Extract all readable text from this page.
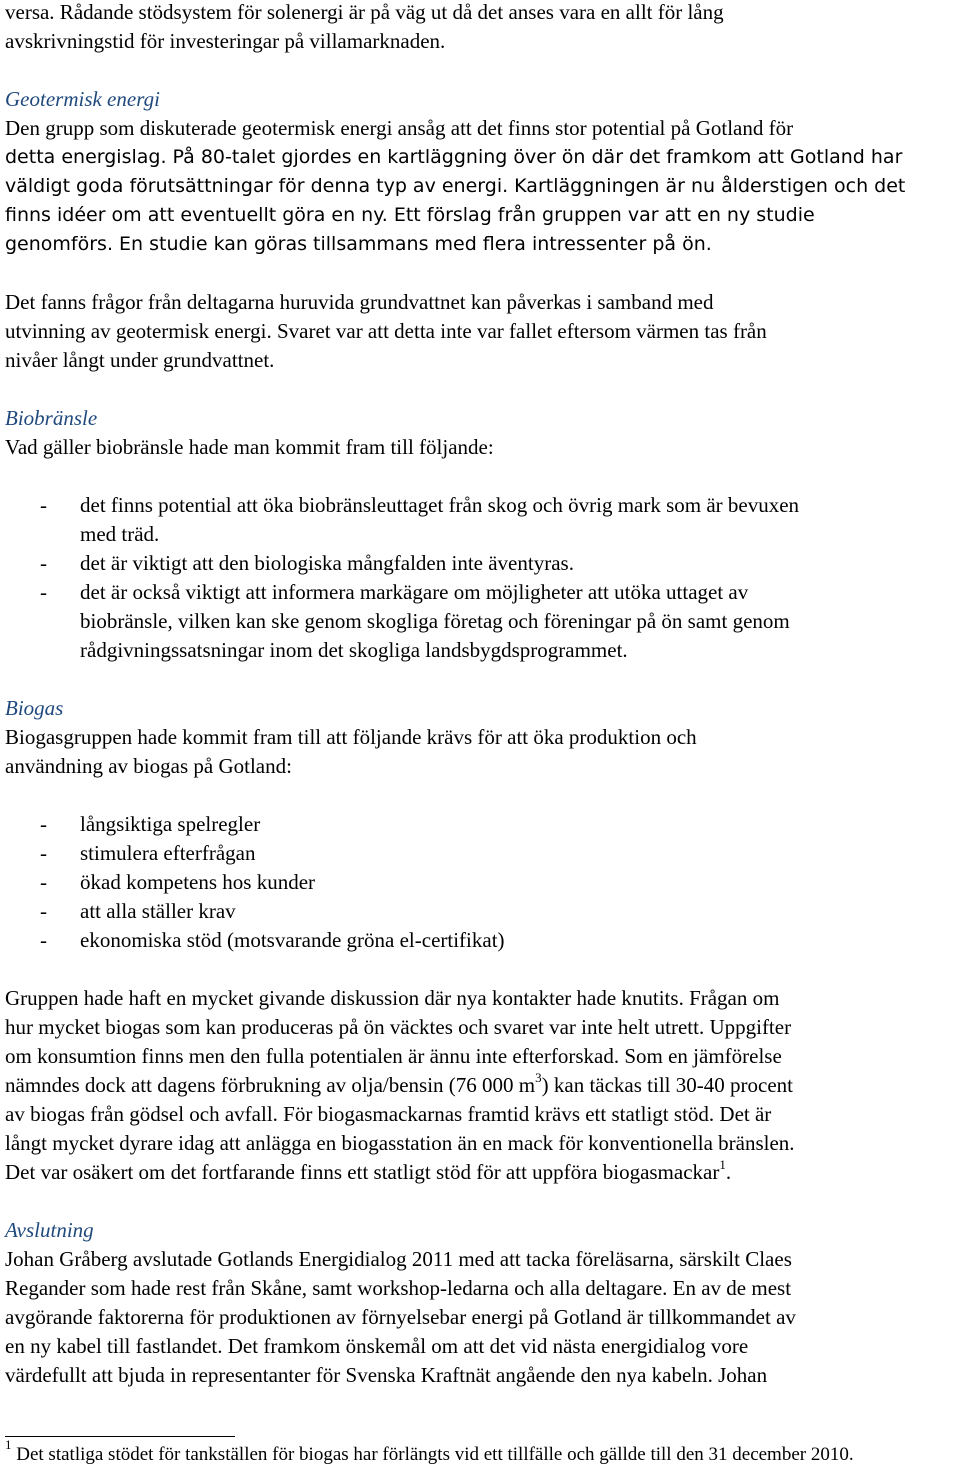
versa. Rådande stödsystem för solenergi är på väg ut då det anses vara en allt för lång

avskrivningstid för investeringar på villamarknaden.

Geotermisk energi

Den grupp som diskuterade geotermisk energi ansåg att det finns stor potential på Gotland för

detta energislag. På 80-talet gjordes en kartläggning över ön där det framkom att Gotland har

väldigt goda förutsättningar för denna typ av energi. Kartläggningen är nu ålderstigen och det

finns idéer om att eventuellt göra en ny. Ett förslag från gruppen var att en ny studie

genomförs. En studie kan göras tillsammans med flera intressenter på ön.

Det fanns frågor från deltagarna huruvida grundvattnet kan påverkas i samband med

utvinning av geotermisk energi. Svaret var att detta inte var fallet eftersom värmen tas från

nivåer långt under grundvattnet.

Biobränsle

Vad gäller biobränsle hade man kommit fram till följande:

- det finns potential att öka biobränsleuttaget från skog och övrig mark som är bevuxen

med träd.

- det är viktigt att den biologiska mångfalden inte äventyras.

- det är också viktigt att informera markägare om möjligheter att utöka uttaget av

biobränsle, vilken kan ske genom skogliga företag och föreningar på ön samt genom

rådgivningssatsningar inom det skogliga landsbygdsprogrammet.

Biogas

Biogasgruppen hade kommit fram till att följande krävs för att öka produktion och

användning av biogas på Gotland:

- långsiktiga spelregler

- stimulera efterfrågan

- ökad kompetens hos kunder

- att alla ställer krav

- ekonomiska stöd (motsvarande gröna el-certifikat)

Gruppen hade haft en mycket givande diskussion där nya kontakter hade knutits. Frågan om

hur mycket biogas som kan produceras på ön väcktes och svaret var inte helt utrett. Uppgifter

om konsumtion finns men den fulla potentialen är ännu inte efterforskad. Som en jämförelse

nämndes dock att dagens förbrukning av olja/bensin (76 000 $m^3$) kan täckas till 30-40 procent

av biogas från gödsel och avfall. För biogasmackarnas framtid krävs ett statligt stöd. Det är

långt mycket dyrare idag att anlägga en biogasstation än en mack för konventionella bränslen.

Det var osäkert om det fortfarande finns ett statligt stöd för att uppföra biogasmackar$^1$.

Avslutning

Johan Gråberg avslutade Gotlands Energidialog 2011 med att tacka föreläsarna, särskilt Claes

Regander som hade rest från Skåne, samt workshop-ledarna och alla deltagare. En av de mest

avgörande faktorerna för produktionen av förnyelsebar energi på Gotland är tillkommandet av

en ny kabel till fastlandet. Det framkom önskemål om att det vid nästa energidialog vore

värdefullt att bjuda in representanter för Svenska Kraftnät angående den nya kabeln. Johan

$^1$ Det statliga stödet för tankställen för biogas har förlängts vid ett tillfälle och gällde till den 31 december 2010.
